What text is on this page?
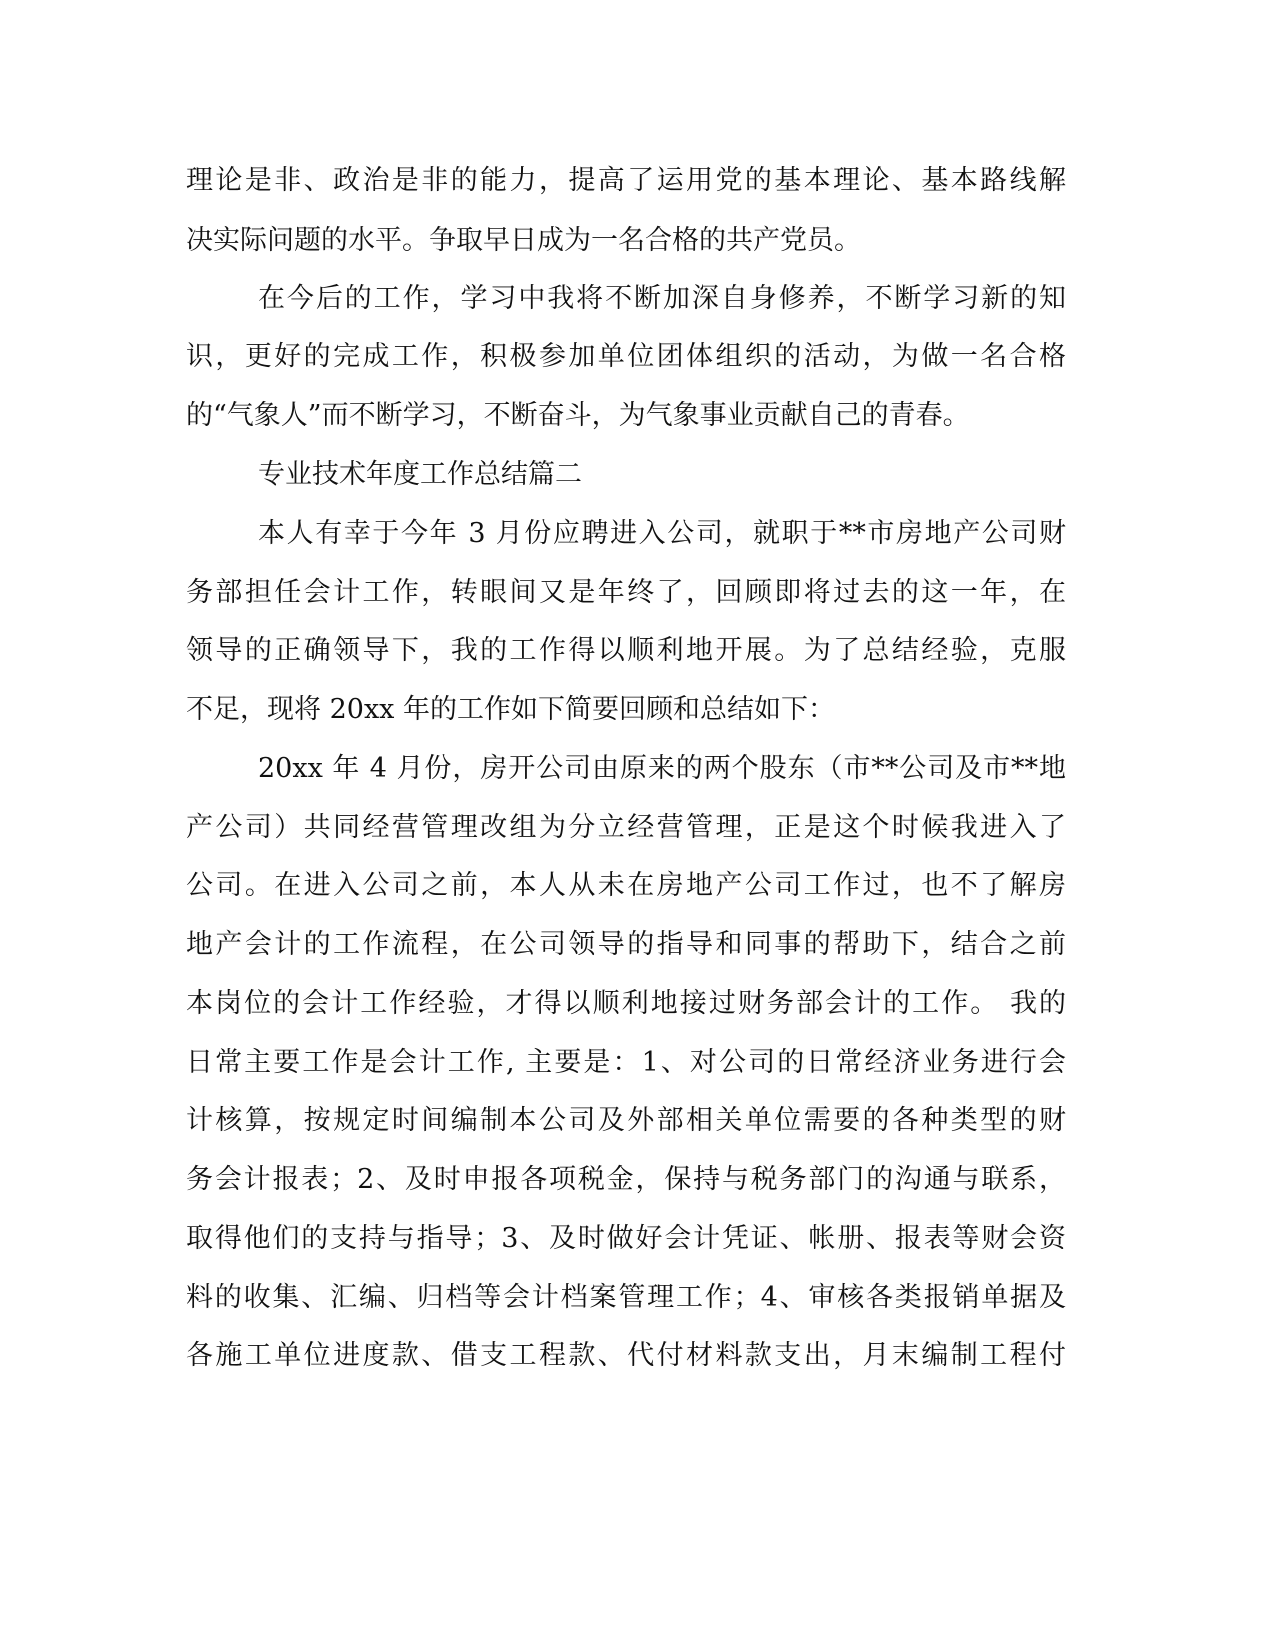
理论是非、政治是非的能力，提高了运用党的基本理论、基本路线解
决实际问题的水平。争取早日成为一名合格的共产党员。
在今后的工作，学习中我将不断加深自身修养，不断学习新的知
识，更好的完成工作，积极参加单位团体组织的活动，为做一名合格
的“气象人”而不断学习，不断奋斗，为气象事业贡献自己的青春。
专业技术年度工作总结篇二
本人有幸于今年 3 月份应聘进入公司，就职于**市房地产公司财
务部担任会计工作，转眼间又是年终了，回顾即将过去的这一年，在
领导的正确领导下，我的工作得以顺利地开展。为了总结经验，克服
不足，现将 20xx 年的工作如下简要回顾和总结如下：
20xx 年 4 月份，房开公司由原来的两个股东（市**公司及市**地
产公司）共同经营管理改组为分立经营管理，正是这个时候我进入了
公司。在进入公司之前，本人从未在房地产公司工作过，也不了解房
地产会计的工作流程，在公司领导的指导和同事的帮助下，结合之前
本岗位的会计工作经验，才得以顺利地接过财务部会计的工作。 我的
日常主要工作是会计工作, 主要是：1、对公司的日常经济业务进行会
计核算，按规定时间编制本公司及外部相关单位需要的各种类型的财
务会计报表；2、及时申报各项税金，保持与税务部门的沟通与联系，
取得他们的支持与指导；3、及时做好会计凭证、帐册、报表等财会资
料的收集、汇编、归档等会计档案管理工作；4、审核各类报销单据及
各施工单位进度款、借支工程款、代付材料款支出，月末编制工程付
